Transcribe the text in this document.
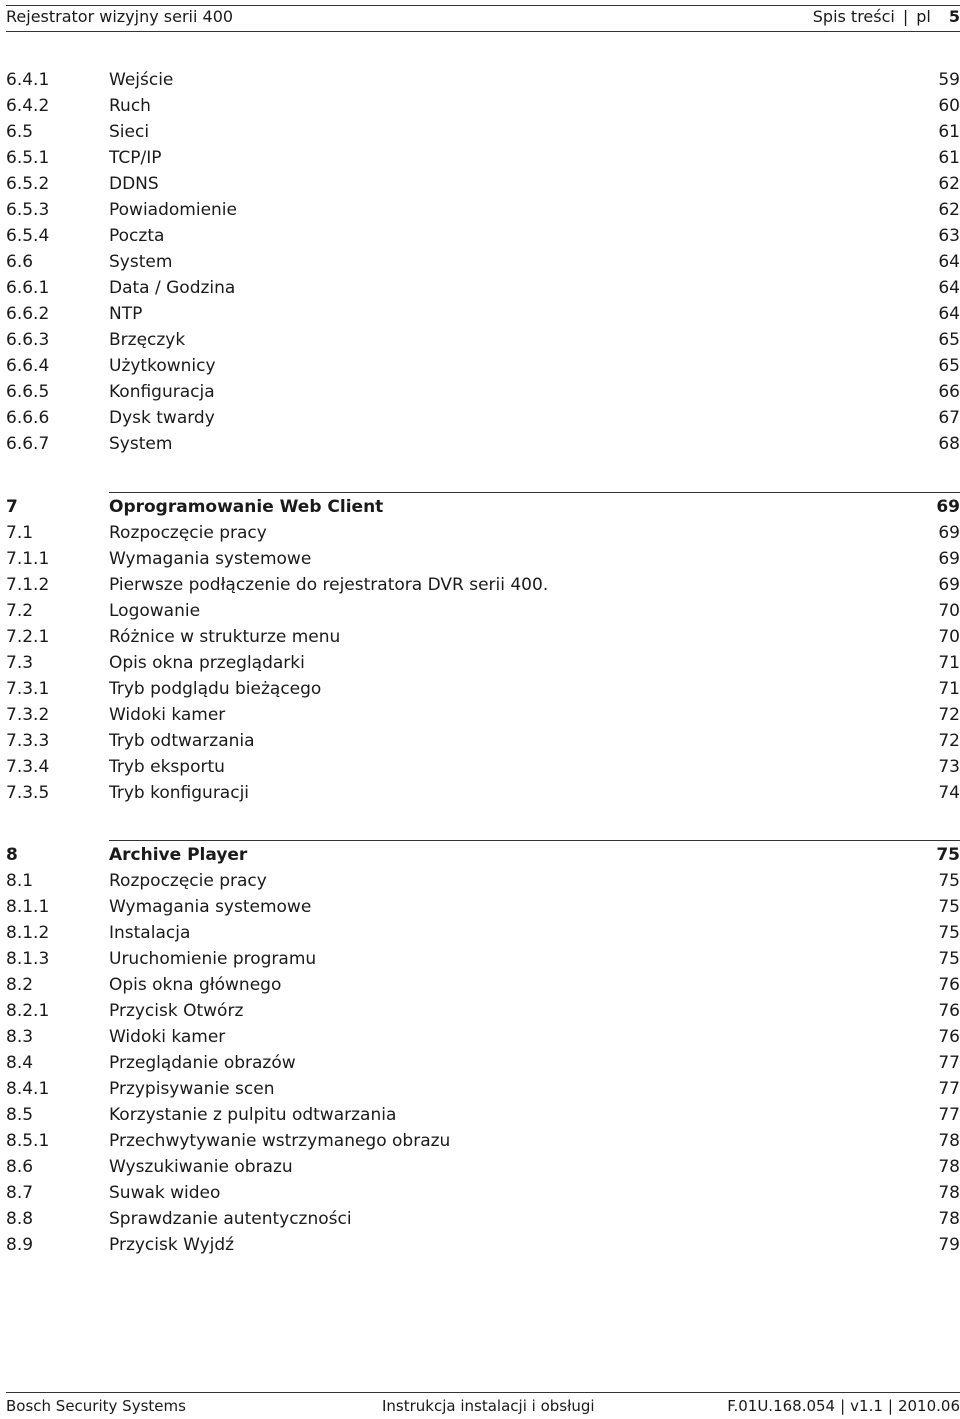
Rejestrator wizyjny serii 400	Spis treści | pl 5
6.4.1	Wejście	59
6.4.2	Ruch	60
6.5	Sieci	61
6.5.1	TCP/IP	61
6.5.2	DDNS	62
6.5.3	Powiadomienie	62
6.5.4	Poczta	63
6.6	System	64
6.6.1	Data / Godzina	64
6.6.2	NTP	64
6.6.3	Brzęczyk	65
6.6.4	Użytkownicy	65
6.6.5	Konfiguracja	66
6.6.6	Dysk twardy	67
6.6.7	System	68
7	Oprogramowanie Web Client	69
7.1	Rozpoczęcie pracy	69
7.1.1	Wymagania systemowe	69
7.1.2	Pierwsze podłączenie do rejestratora DVR serii 400.	69
7.2	Logowanie	70
7.2.1	Różnice w strukturze menu	70
7.3	Opis okna przeglądarki	71
7.3.1	Tryb podglądu bieżącego	71
7.3.2	Widoki kamer	72
7.3.3	Tryb odtwarzania	72
7.3.4	Tryb eksportu	73
7.3.5	Tryb konfiguracji	74
8	Archive Player	75
8.1	Rozpoczęcie pracy	75
8.1.1	Wymagania systemowe	75
8.1.2	Instalacja	75
8.1.3	Uruchomienie programu	75
8.2	Opis okna głównego	76
8.2.1	Przycisk Otwórz	76
8.3	Widoki kamer	76
8.4	Przeglądanie obrazów	77
8.4.1	Przypisywanie scen	77
8.5	Korzystanie z pulpitu odtwarzania	77
8.5.1	Przechwytywanie wstrzymanego obrazu	78
8.6	Wyszukiwanie obrazu	78
8.7	Suwak wideo	78
8.8	Sprawdzanie autentyczności	78
8.9	Przycisk Wyjdź	79
Bosch Security Systems	Instrukcja instalacji i obsługi	F.01U.168.054 | v1.1 | 2010.06
